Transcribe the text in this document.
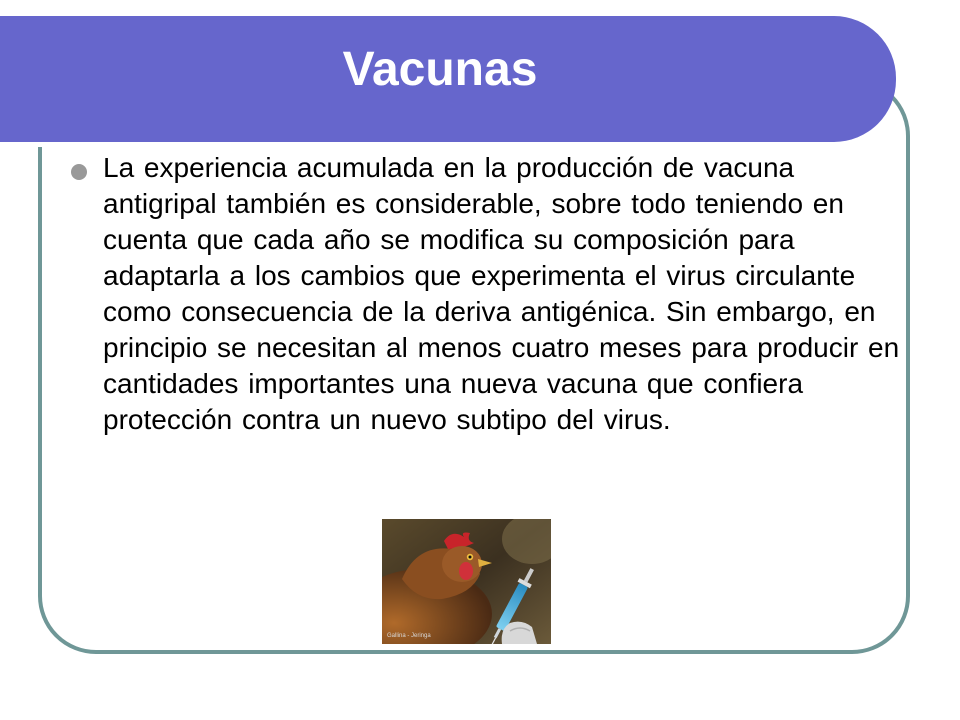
Vacunas

La experiencia acumulada en la producción de vacuna antigripal también es considerable, sobre todo teniendo en cuenta que cada año se modifica su composición para adaptarla a los cambios que experimenta el virus circulante como consecuencia de la deriva antigénica. Sin embargo, en principio se necesitan al menos cuatro meses para producir en cantidades importantes una nueva vacuna que confiera protección contra un nuevo subtipo del virus.

Gallina - Jeringa
